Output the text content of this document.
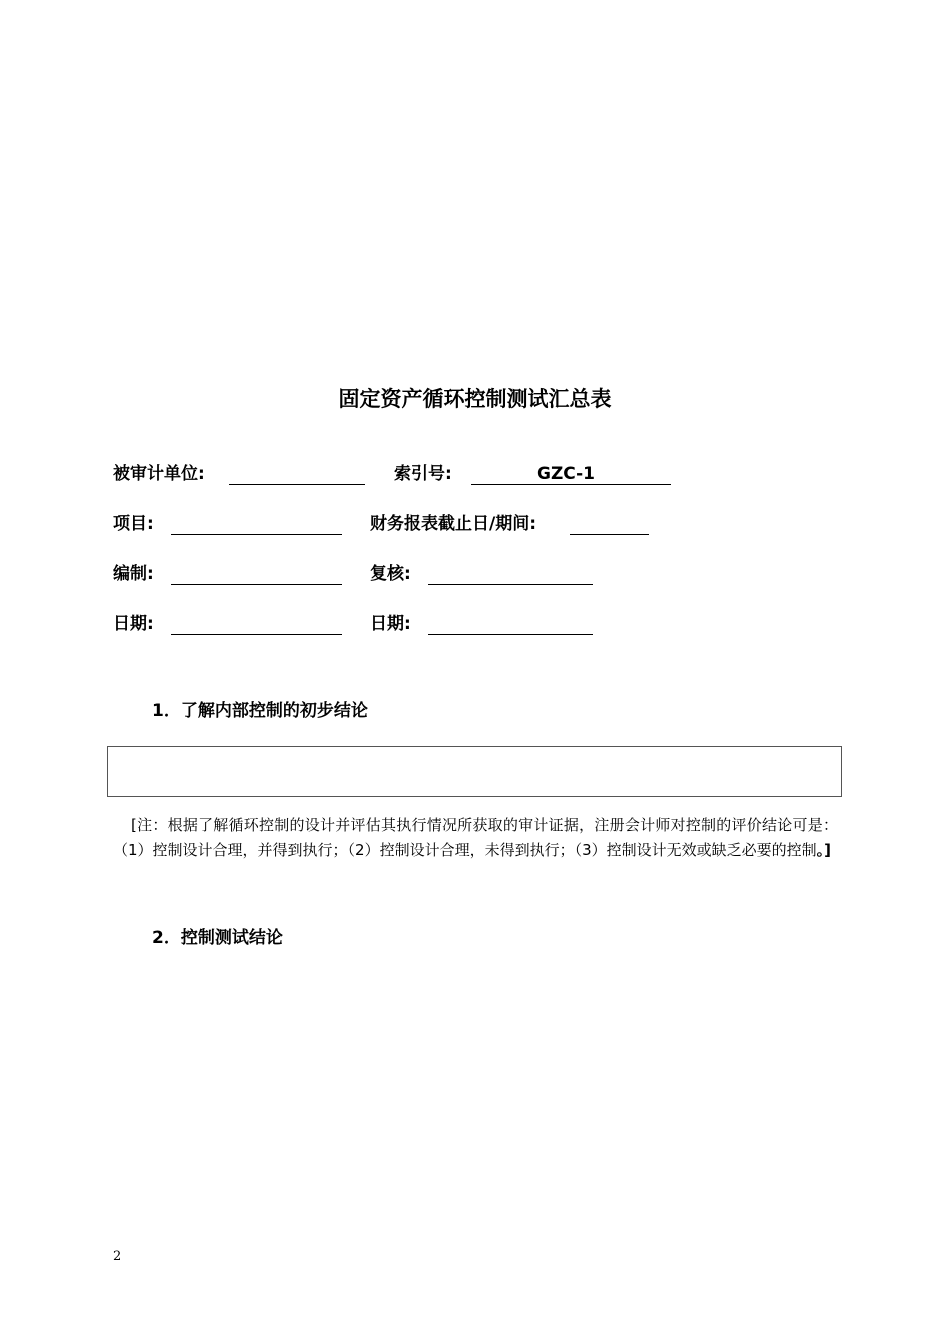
固定资产循环控制测试汇总表
被审计单位:	索引号:	GZC-1
项目:	财务报表截止日/期间:
编制:	复核:
日期:	日期:
1．了解内部控制的初步结论
[注：根据了解循环控制的设计并评估其执行情况所获取的审计证据，注册会计师对控制的评价结论可是：（1）控制设计合理，并得到执行；（2）控制设计合理，未得到执行；（3）控制设计无效或缺乏必要的控制。]
2．控制测试结论
2
